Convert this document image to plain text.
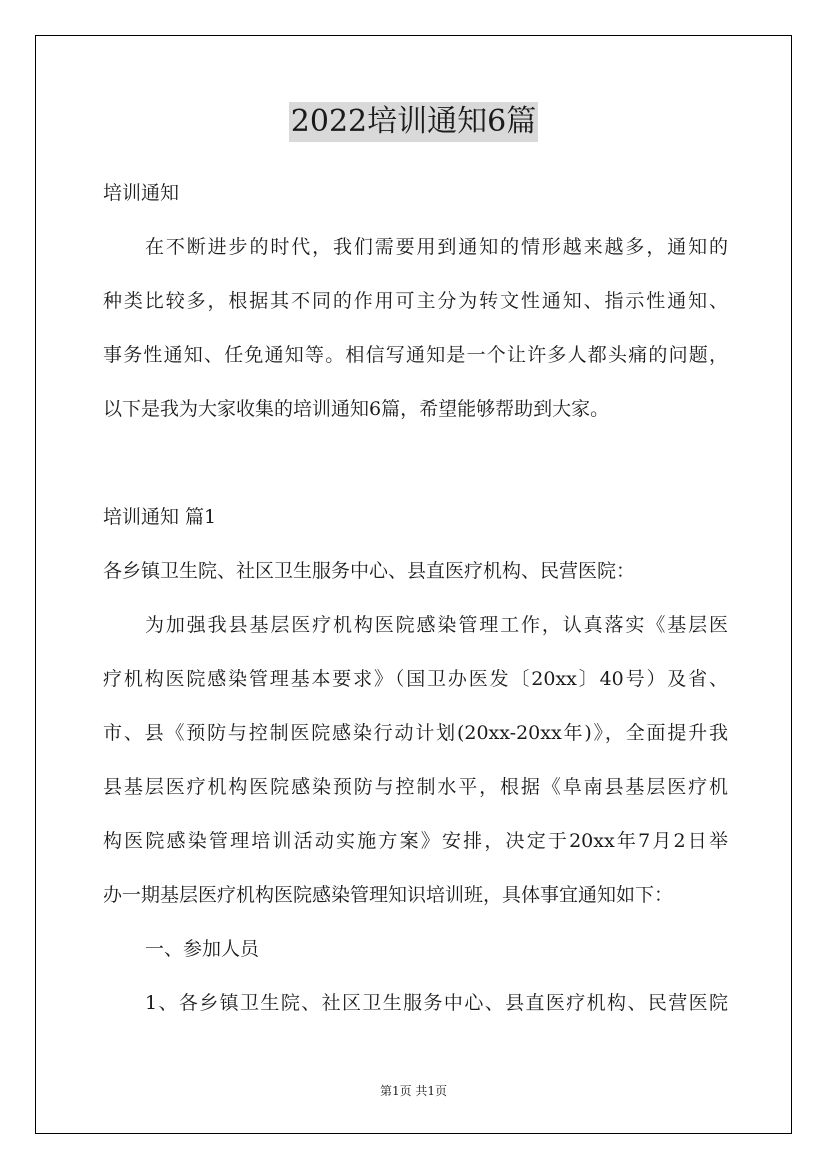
2022培训通知6篇
培训通知
在不断进步的时代，我们需要用到通知的情形越来越多，通知的
种类比较多，根据其不同的作用可主分为转文性通知、指示性通知、
事务性通知、任免通知等。相信写通知是一个让许多人都头痛的问题，
以下是我为大家收集的培训通知6篇，希望能够帮助到大家。
培训通知 篇1
各乡镇卫生院、社区卫生服务中心、县直医疗机构、民营医院：
为加强我县基层医疗机构医院感染管理工作，认真落实《基层医
疗机构医院感染管理基本要求》（国卫办医发〔20xx〕40号）及省、
市、县《预防与控制医院感染行动计划(20xx-20xx年)》，全面提升我
县基层医疗机构医院感染预防与控制水平，根据《阜南县基层医疗机
构医院感染管理培训活动实施方案》安排，决定于20xx年7月2日举
办一期基层医疗机构医院感染管理知识培训班，具体事宜通知如下：
一、参加人员
1、各乡镇卫生院、社区卫生服务中心、县直医疗机构、民营医院
第1页 共1页
